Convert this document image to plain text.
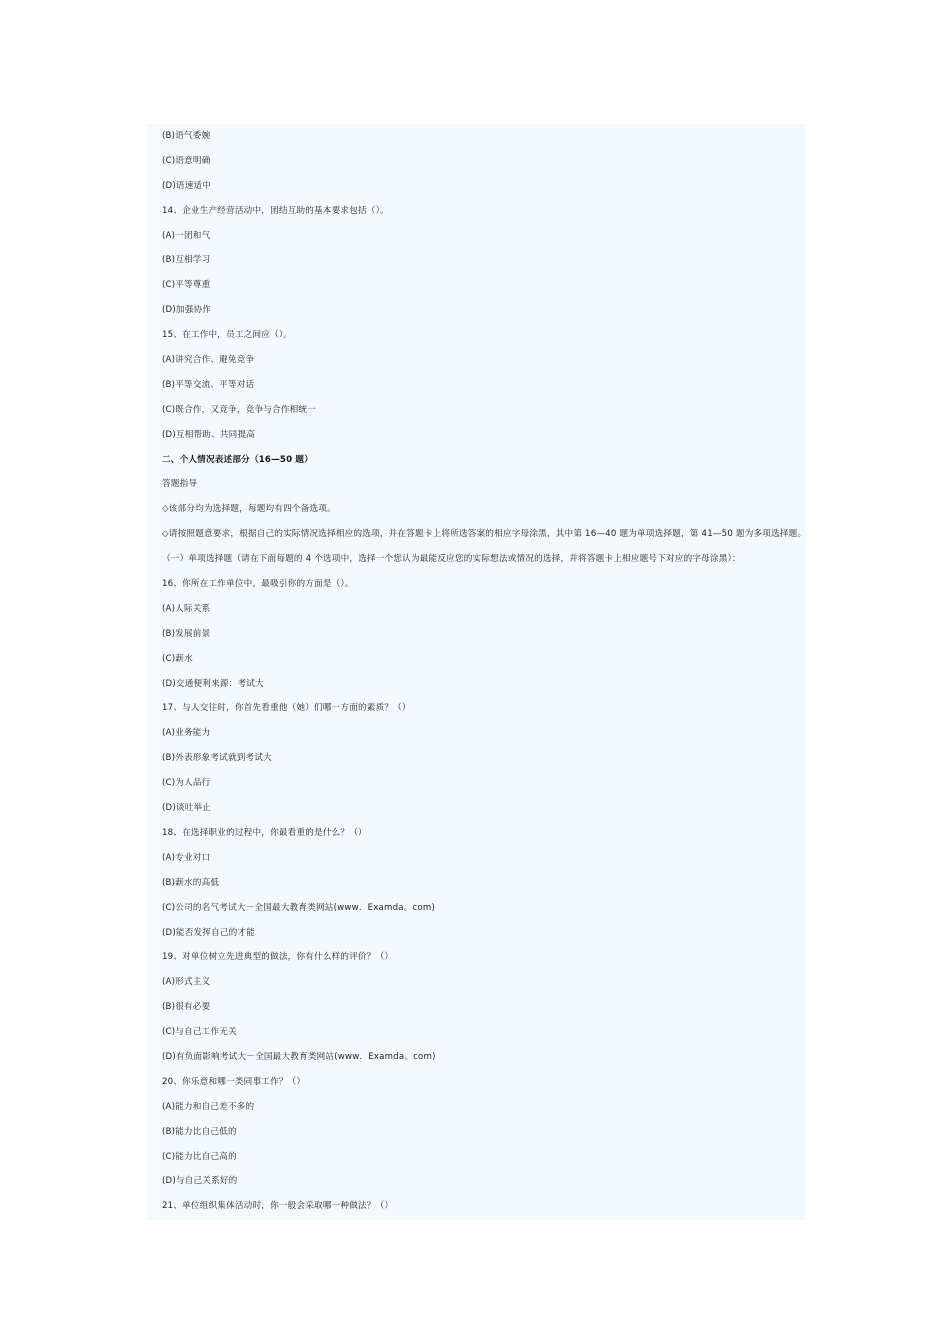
(B)语气委婉
(C)语意明确
(D)语速适中
14、企业生产经营活动中，团结互助的基本要求包括（）。
(A)一团和气
(B)互相学习
(C)平等尊重
(D)加强协作
15、在工作中，员工之间应（）。
(A)讲究合作、避免竞争
(B)平等交流、平等对话
(C)既合作，又竞争，竞争与合作相统一
(D)互相帮助、共同提高
二、个人情况表述部分（16—50 题）
答题指导
◇该部分均为选择题，每题均有四个备选项。
◇请按照题意要求，根据自己的实际情况选择相应的选项，并在答题卡上将所选答案的相应字母涂黑，其中第 16—40 题为单项选择题，第 41—50 题为多项选择题。
（一）单项选择题（请在下面每题的 4 个选项中，选择一个您认为最能反应您的实际想法或情况的选择，并将答题卡上相应题号下对应的字母涂黑）：
16、你所在工作单位中，最吸引你的方面是（）。
(A)人际关系
(B)发展前景
(C)薪水
(D)交通便利来源：考试大
17、与人交往时，你首先看重他（她）们哪一方面的素质？（）
(A)业务能力
(B)外表形象考试就到考试大
(C)为人品行
(D)谈吐举止
18、在选择职业的过程中，你最看重的是什么？（）
(A)专业对口
(B)薪水的高低
(C)公司的名气考试大－全国最大教育类网站(www．Examda。com)
(D)能否发挥自己的才能
19、对单位树立先进典型的做法，你有什么样的评价？（）
(A)形式主义
(B)很有必要
(C)与自己工作无关
(D)有负面影响考试大－全国最大教育类网站(www．Examda。com)
20、你乐意和哪一类同事工作？（）
(A)能力和自己差不多的
(B)能力比自己低的
(C)能力比自己高的
(D)与自己关系好的
21、单位组织集体活动时，你一般会采取哪一种做法？（）
